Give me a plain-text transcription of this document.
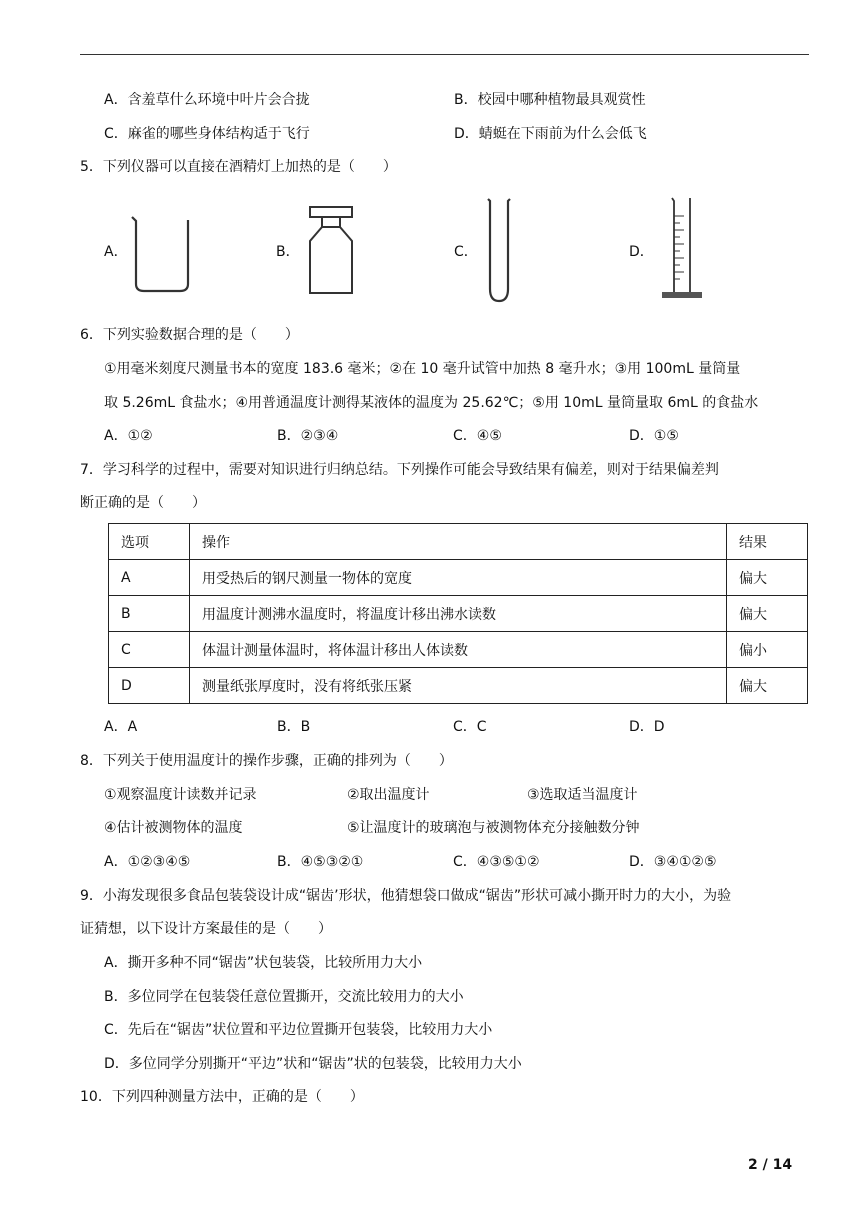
A．含羞草什么环境中叶片会合拢	B．校园中哪种植物最具观赏性
C．麻雀的哪些身体结构适于飞行	D．蜻蜓在下雨前为什么会低飞
5．下列仪器可以直接在酒精灯上加热的是（　　）
A．	B．	C．	D．
6．下列实验数据合理的是（　　）
①用毫米刻度尺测量书本的宽度 183.6 毫米；②在 10 毫升试管中加热 8 毫升水；③用 100mL 量筒量
取 5.26mL 食盐水；④用普通温度计测得某液体的温度为 25.62℃；⑤用 10mL 量筒量取 6mL 的食盐水
A．①②	B．②③④	C．④⑤	D．①⑤
7．学习科学的过程中，需要对知识进行归纳总结。下列操作可能会导致结果有偏差，则对于结果偏差判
断正确的是（　　）
选项	操作	结果
A	用受热后的钢尺测量一物体的宽度	偏大
B	用温度计测沸水温度时，将温度计移出沸水读数	偏大
C	体温计测量体温时，将体温计移出人体读数	偏小
D	测量纸张厚度时，没有将纸张压紧	偏大
A．A	B．B	C．C	D．D
8．下列关于使用温度计的操作步骤，正确的排列为（　　）
①观察温度计读数并记录	②取出温度计	③选取适当温度计
④估计被测物体的温度	⑤让温度计的玻璃泡与被测物体充分接触数分钟
A．①②③④⑤	B．④⑤③②①	C．④③⑤①②	D．③④①②⑤
9．小海发现很多食品包装袋设计成“锯齿’形状，他猜想袋口做成“锯齿”形状可减小撕开时力的大小，为验
证猜想，以下设计方案最佳的是（　　）
A．撕开多种不同“锯齿”状包装袋，比较所用力大小
B．多位同学在包装袋任意位置撕开，交流比较用力的大小
C．先后在“锯齿”状位置和平边位置撕开包装袋，比较用力大小
D．多位同学分别撕开“平边”状和“锯齿”状的包装袋，比较用力大小
10．下列四种测量方法中，正确的是（　　）
2 / 14
